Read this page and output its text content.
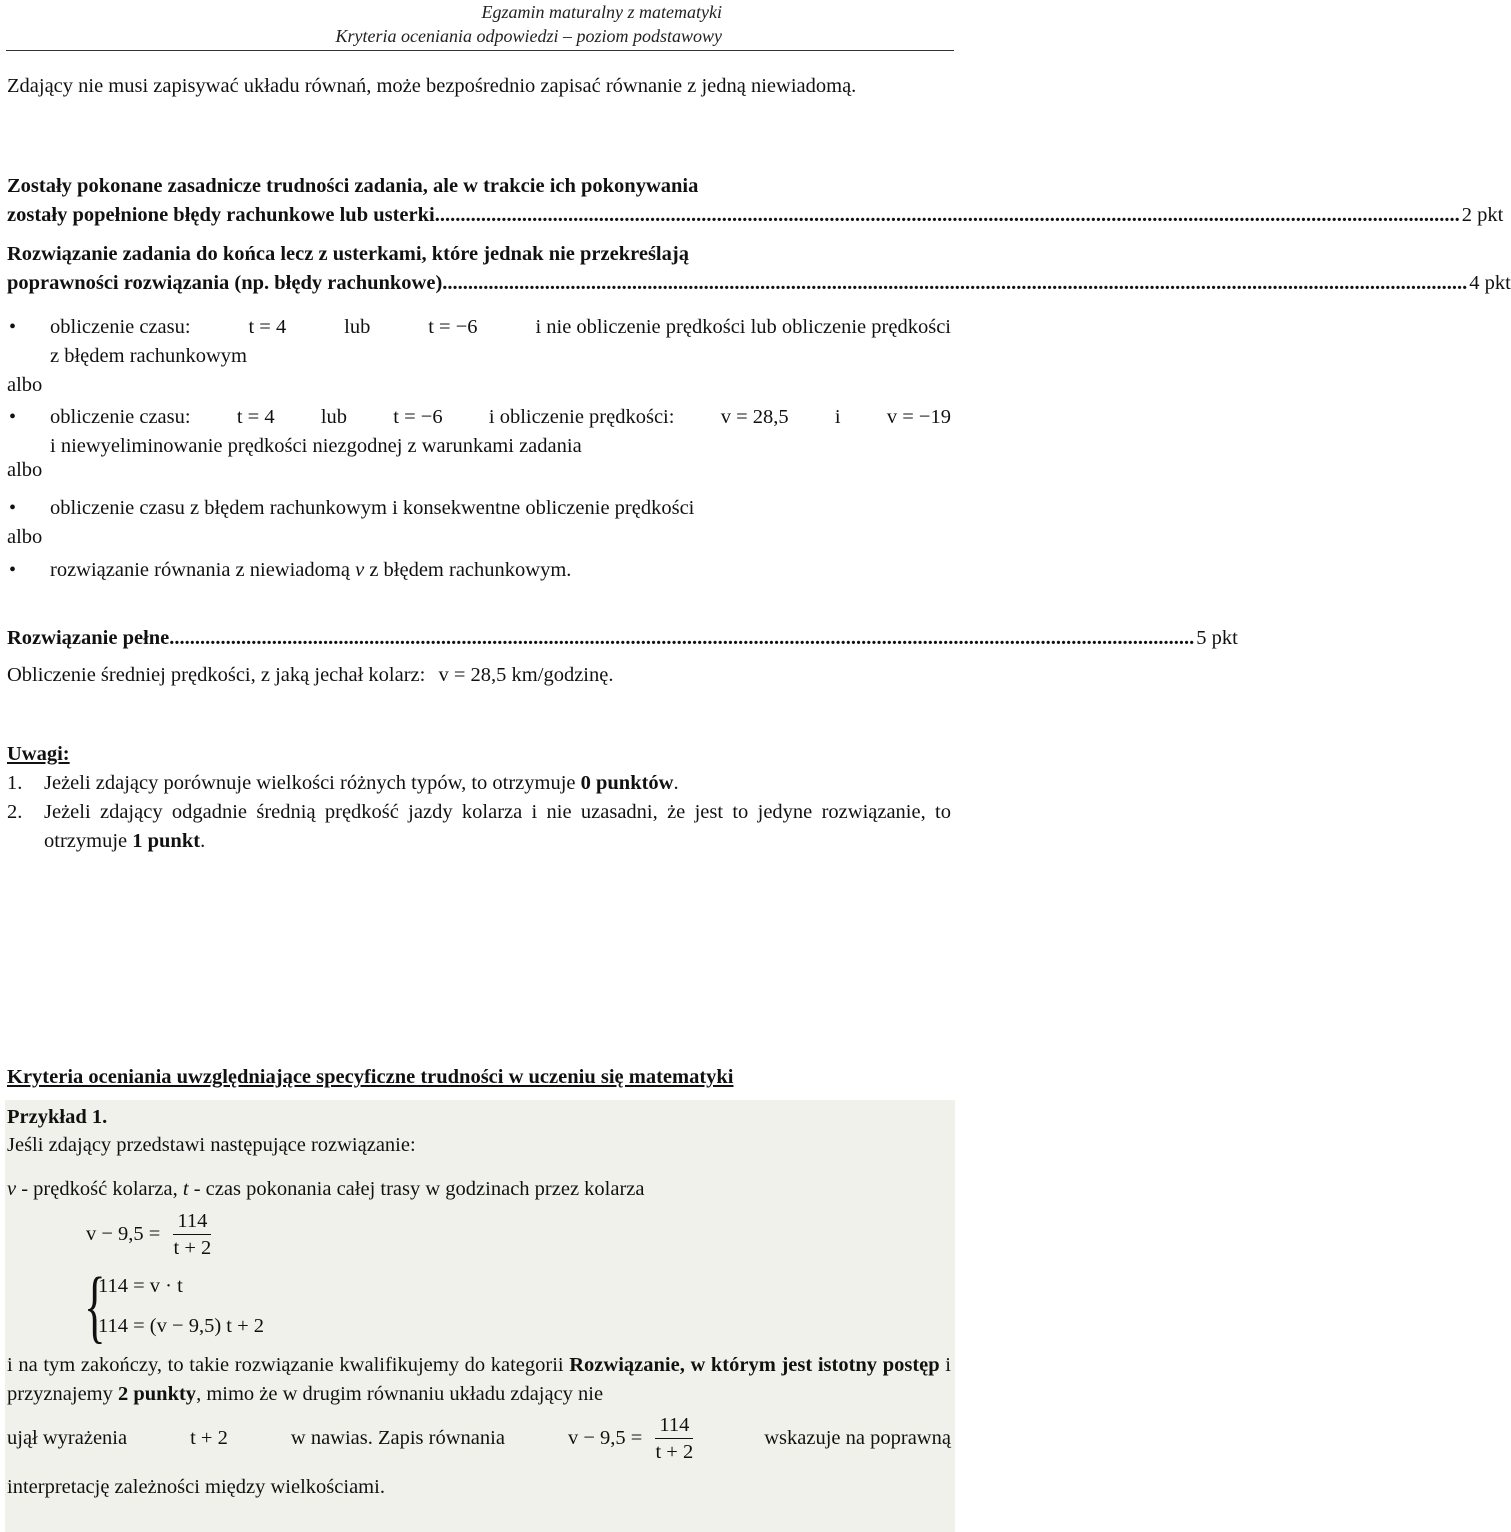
Egzamin maturalny z matematyki
Kryteria oceniania odpowiedzi – poziom podstawowy
Zdający nie musi zapisywać układu równań, może bezpośrednio zapisać równanie z jedną niewiadomą.
Zostały pokonane zasadnicze trudności zadania, ale w trakcie ich pokonywania
zostały popełnione błędy rachunkowe lub usterki .....	2 pkt
Rozwiązanie zadania do końca lecz z usterkami, które jednak nie przekreślają
poprawności rozwiązania (np. błędy rachunkowe) .....	4 pkt
• obliczenie czasu:	t = 4	lub	t = −6	i nie obliczenie prędkości lub obliczenie prędkości
z błędem rachunkowym
albo
• obliczenie czasu: t = 4 lub t = −6 i obliczenie prędkości: v = 28,5 i v = −19
i niewyeliminowanie prędkości niezgodnej z warunkami zadania
albo
• obliczenie czasu z błędem rachunkowym i konsekwentne obliczenie prędkości
albo
• rozwiązanie równania z niewiadomą v z błędem rachunkowym.
Rozwiązanie pełne .....	5 pkt
Obliczenie średniej prędkości, z jaką jechał kolarz: v = 28,5 km/godzinę.
Uwagi:
1.	Jeżeli zdający porównuje wielkości różnych typów, to otrzymuje 0 punktów.
2.	Jeżeli zdający odgadnie średnią prędkość jazdy kolarza i nie uzasadni, że jest to jedyne rozwiązanie, to otrzymuje 1 punkt.
Kryteria oceniania uwzględniające specyficzne trudności w uczeniu się matematyki
Przykład 1.
Jeśli zdający przedstawi następujące rozwiązanie:
v - prędkość kolarza, t - czas pokonania całej trasy w godzinach przez kolarza
$v - 9,5 = \frac{114}{t + 2}$
{
114 = v · t
114 = (v − 9,5) t + 2
i na tym zakończy, to takie rozwiązanie kwalifikujemy do kategorii Rozwiązanie, w którym jest istotny postęp i przyznajemy 2 punkty, mimo że w drugim równaniu układu zdający nie
ujął wyrażenia	t + 2	w nawias. Zapis równania	$v - 9,5 = \frac{114}{t + 2}$	wskazuje na poprawną
interpretację zależności między wielkościami.
